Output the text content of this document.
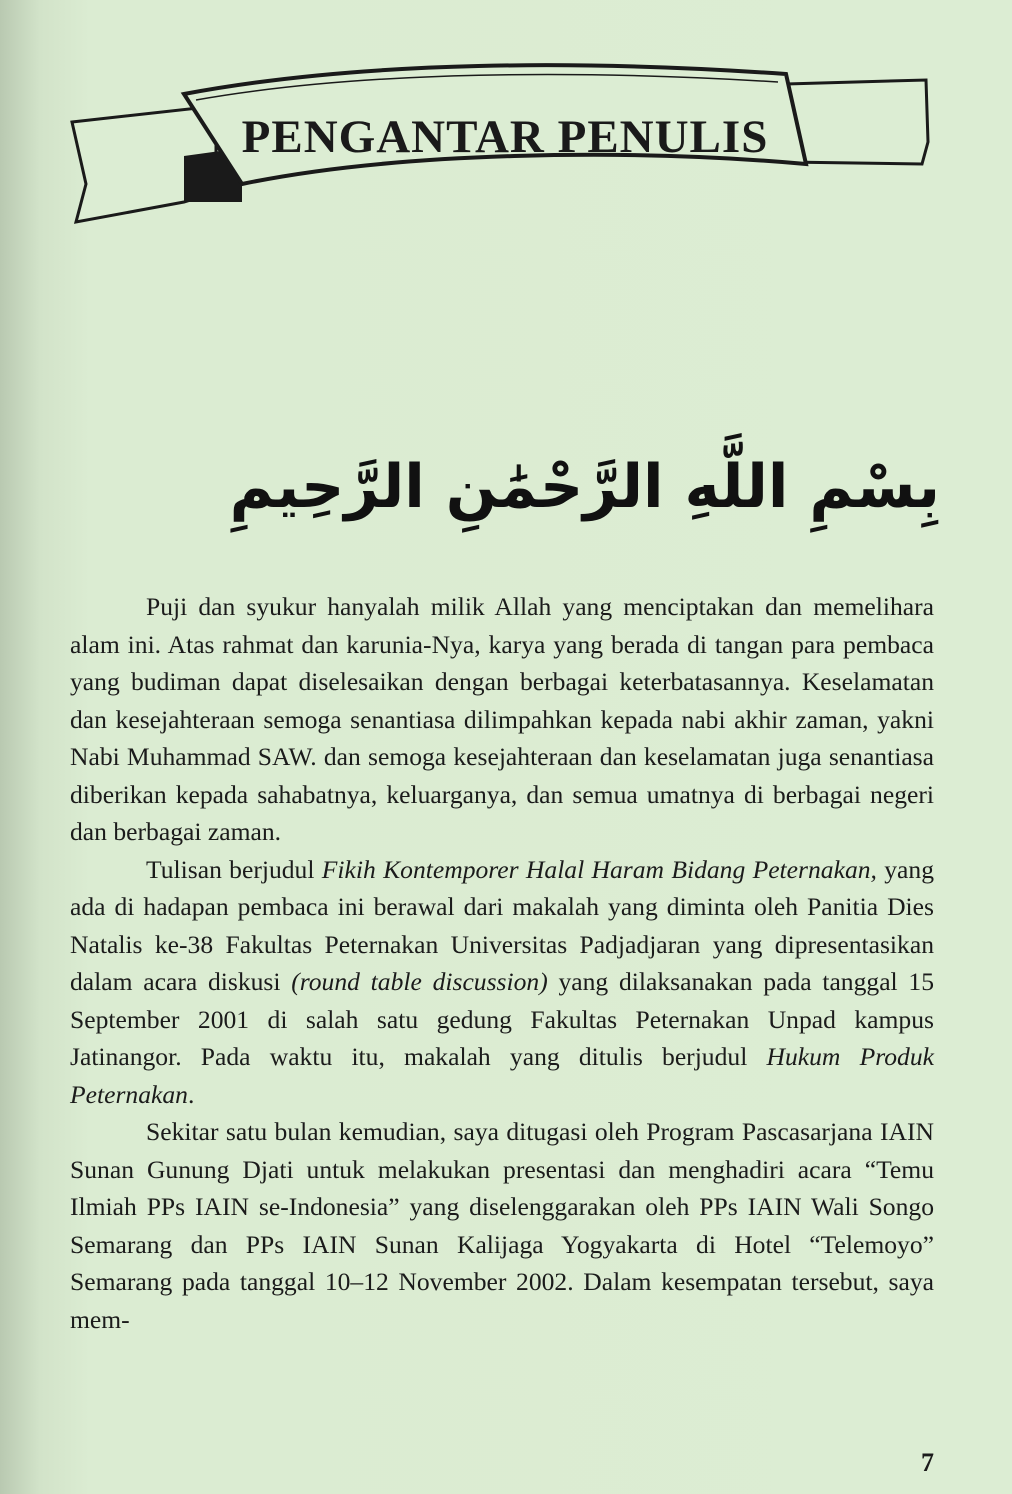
PENGANTAR PENULIS
بِسْمِ اللَّهِ الرَّحْمَٰنِ الرَّحِيمِ

Puji dan syukur hanyalah milik Allah yang menciptakan dan memelihara alam ini. Atas rahmat dan karunia-Nya, karya yang berada di tangan para pembaca yang budiman dapat diselesaikan dengan berbagai keterbatasannya. Keselamatan dan kesejahteraan semoga senantiasa dilimpahkan kepada nabi akhir zaman, yakni Nabi Muhammad SAW. dan semoga kesejahteraan dan keselamatan juga senantiasa diberikan kepada sahabatnya, keluarganya, dan semua umatnya di berbagai negeri dan berbagai zaman.

Tulisan berjudul Fikih Kontemporer Halal Haram Bidang Peternakan, yang ada di hadapan pembaca ini berawal dari makalah yang diminta oleh Panitia Dies Natalis ke-38 Fakultas Peternakan Universitas Padjadjaran yang dipresentasikan dalam acara diskusi (round table discussion) yang dilaksanakan pada tanggal 15 September 2001 di salah satu gedung Fakultas Peternakan Unpad kampus Jatinangor. Pada waktu itu, makalah yang ditulis berjudul Hukum Produk Peternakan.

Sekitar satu bulan kemudian, saya ditugasi oleh Program Pascasarjana IAIN Sunan Gunung Djati untuk melakukan presentasi dan menghadiri acara “Temu Ilmiah PPs IAIN se-Indonesia” yang diselenggarakan oleh PPs IAIN Wali Songo Semarang dan PPs IAIN Sunan Kalijaga Yogyakarta di Hotel “Telemoyo” Semarang pada tanggal 10–12 November 2002. Dalam kesempatan tersebut, saya mem-

7
